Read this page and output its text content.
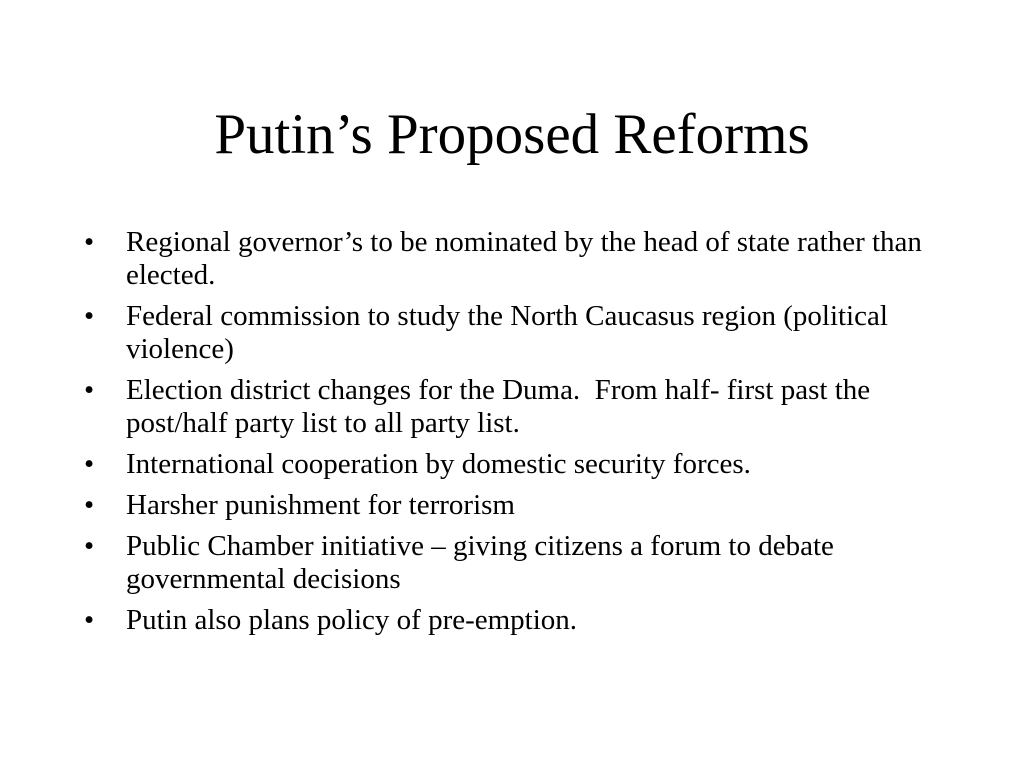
Putin’s Proposed Reforms
•	Regional governor’s to be nominated by the head of state rather than elected.
•	Federal commission to study the North Caucasus region (political violence)
•	Election district changes for the Duma.  From half- first past the post/half party list to all party list.
•	International cooperation by domestic security forces.
•	Harsher punishment for terrorism
•	Public Chamber initiative – giving citizens a forum to debate governmental decisions
•	Putin also plans policy of pre-emption.
